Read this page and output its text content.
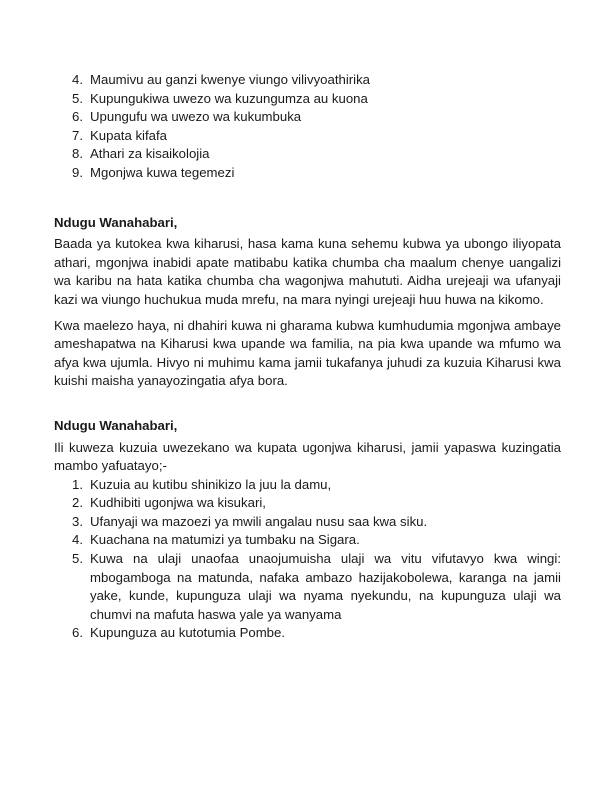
4. Maumivu au ganzi kwenye viungo vilivyoathirika
5. Kupungukiwa uwezo wa kuzungumza au kuona
6. Upungufu wa uwezo wa kukumbuka
7. Kupata kifafa
8. Athari za kisaikolojia
9. Mgonjwa kuwa tegemezi
Ndugu Wanahabari,

Baada ya kutokea kwa kiharusi, hasa kama kuna sehemu kubwa ya ubongo iliyopata athari, mgonjwa inabidi apate matibabu katika chumba cha maalum chenye uangalizi wa karibu na hata katika chumba cha wagonjwa mahututi. Aidha urejeaji wa ufanyaji kazi wa viungo huchukua muda mrefu, na mara nyingi urejeaji huu huwa na kikomo.

Kwa maelezo haya, ni dhahiri kuwa ni gharama kubwa kumhudumia mgonjwa ambaye ameshapatwa na Kiharusi kwa upande wa familia, na pia kwa upande wa mfumo wa afya kwa ujumla. Hivyo ni muhimu kama jamii tukafanya juhudi za kuzuia Kiharusi kwa kuishi maisha yanayozingatia afya bora.

Ndugu Wanahabari,

Ili kuweza kuzuia uwezekano wa kupata ugonjwa kiharusi, jamii yapaswa kuzingatia mambo yafuatayo;-

1. Kuzuia au kutibu shinikizo la juu la damu,
2. Kudhibiti ugonjwa wa kisukari,
3. Ufanyaji wa mazoezi ya mwili angalau nusu saa kwa siku.
4. Kuachana na matumizi ya tumbaku na Sigara.
5. Kuwa na ulaji unaofaa unaojumuisha ulaji wa vitu vifutavyo kwa wingi: mbogamboga na matunda, nafaka ambazo hazijakobolewa, karanga na jamii yake, kunde, kupunguza ulaji wa nyama nyekundu, na kupunguza ulaji wa chumvi na mafuta haswa yale ya wanyama
6. Kupunguza au kutotumia Pombe.
